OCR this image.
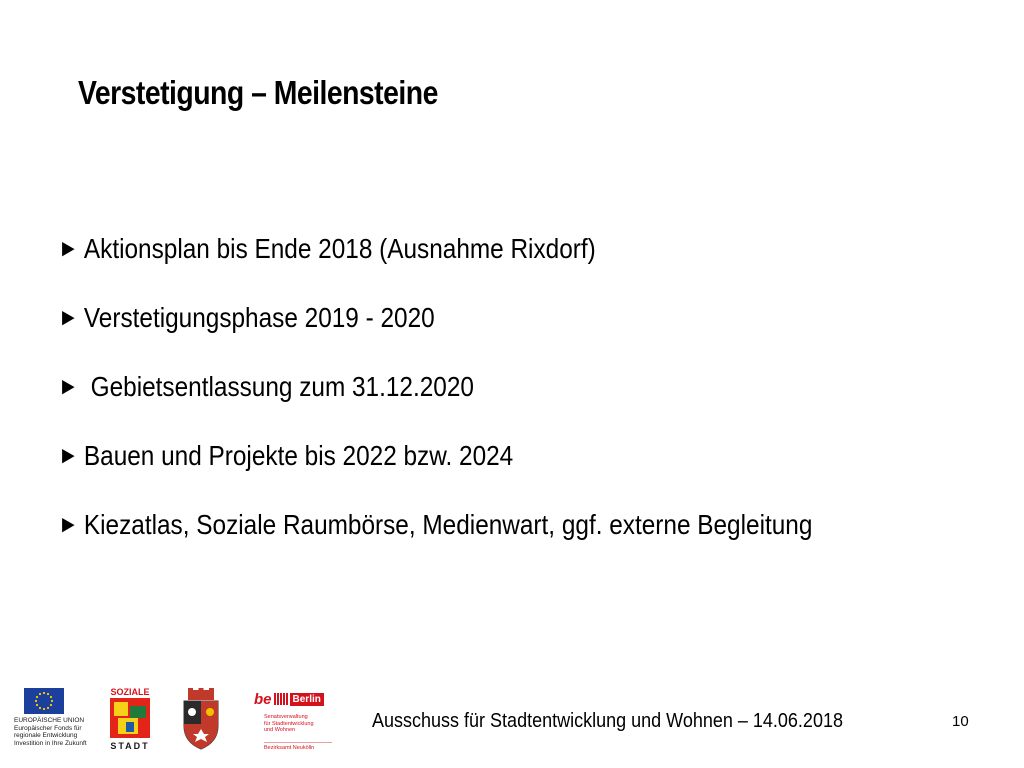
Verstetigung – Meilensteine
► Aktionsplan bis Ende 2018 (Ausnahme Rixdorf)
► Verstetigungsphase 2019 - 2020
► Gebietsentlassung zum 31.12.2020
► Bauen und Projekte bis 2022 bzw. 2024
► Kiezatlas, Soziale Raumbörse, Medienwart, ggf. externe Begleitung
EUROPÄISCHE UNION
Europäischer Fonds für
regionale Entwicklung
Investition in Ihre Zukunft
SOZIALE
STADT
be	Berlin
Senatsverwaltung
für Stadtentwicklung
und Wohnen
Bezirksamt Neukölln
Ausschuss für Stadtentwicklung und Wohnen – 14.06.2018	10
